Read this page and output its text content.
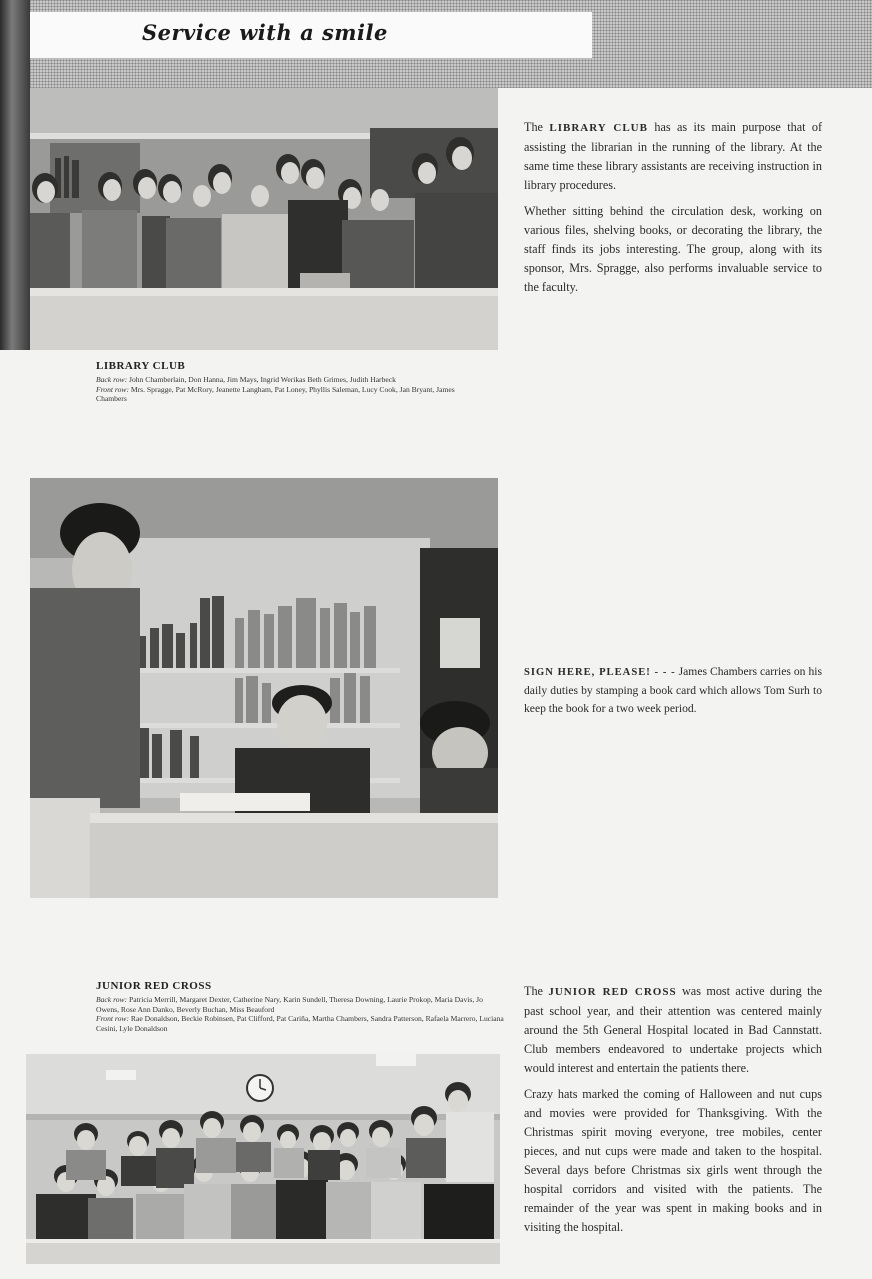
Service with a smile
LIBRARY CLUB
Back row: John Chamberlain, Don Hanna, Jim Mays, Ingrid Werikas Beth Grimes, Judith Harbeck
Front row: Mrs. Spragge, Pat McRory, Jeanette Langham, Pat Loney, Phyllis Saleman, Lucy Cook, Jan Bryant, James Chambers

The LIBRARY CLUB has as its main purpose that of assisting the librarian in the running of the library. At the same time these library assistants are receiving instruction in library procedures.

Whether sitting behind the circulation desk, working on various files, shelving books, or decorating the library, the staff finds its jobs interesting. The group, along with its sponsor, Mrs. Spragge, also performs invaluable service to the faculty.

SIGN HERE, PLEASE! - - - James Chambers carries on his daily duties by stamping a book card which allows Tom Surh to keep the book for a two week period.
JUNIOR RED CROSS
Back row: Patricia Merrill, Margaret Dexter, Catherine Nary, Karin Sundell, Theresa Downing, Laurie Prokop, Maria Davis, Jo Owens, Rose Ann Danko, Beverly Buchan, Miss Beauford
Front row: Rae Donaldson, Beckie Robinsen, Pat Clifford, Pat Cariña, Martha Chambers, Sandra Patterson, Rafaela Marrero, Luciana Cesini, Lyle Donaldson

The JUNIOR RED CROSS was most active during the past school year, and their attention was centered mainly around the 5th General Hospital located in Bad Cannstatt. Club members endeavored to undertake projects which would interest and entertain the patients there.

Crazy hats marked the coming of Halloween and nut cups and movies were provided for Thanksgiving. With the Christmas spirit moving everyone, tree mobiles, center pieces, and nut cups were made and taken to the hospital. Several days before Christmas six girls went through the hospital corridors and visited with the patients. The remainder of the year was spent in making books and in visiting the hospital.
